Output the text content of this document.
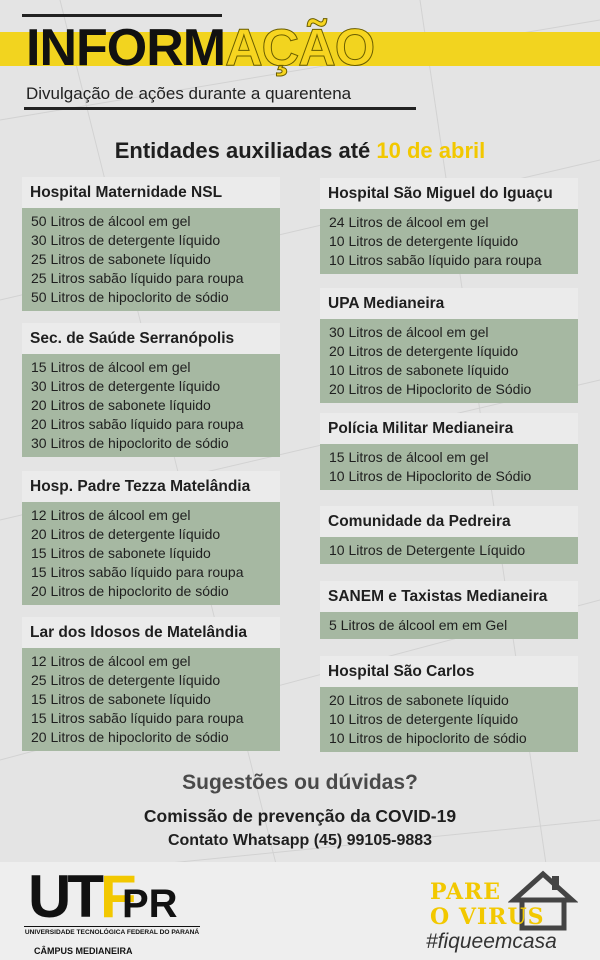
INFORMAÇÃO
Divulgação de ações durante a quarentena
Entidades auxiliadas até 10 de abril
Hospital Maternidade NSL
50 Litros de álcool em gel
30 Litros de detergente líquido
25 Litros de sabonete líquido
25 Litros sabão líquido para roupa
50 Litros de hipoclorito de sódio
Sec. de Saúde Serranópolis
15 Litros de álcool em gel
30 Litros de detergente líquido
20 Litros de sabonete líquido
20 Litros sabão líquido para roupa
30 Litros de hipoclorito de sódio
Hosp. Padre Tezza Matelândia
12 Litros de álcool em gel
20 Litros de detergente líquido
15 Litros de sabonete líquido
15 Litros sabão líquido para roupa
20 Litros de hipoclorito de sódio
Lar dos Idosos de Matelândia
12 Litros de álcool em gel
25 Litros de detergente líquido
15 Litros de sabonete líquido
15 Litros sabão líquido para roupa
20 Litros de hipoclorito de sódio
Hospital São Miguel do Iguaçu
24 Litros de álcool em gel
10 Litros de detergente líquido
10 Litros sabão líquido para roupa
UPA Medianeira
30 Litros de álcool em gel
20 Litros de detergente líquido
10 Litros de sabonete líquido
20 Litros de Hipoclorito de Sódio
Polícia Militar Medianeira
15 Litros de álcool em gel
10 Litros de Hipoclorito de Sódio
Comunidade da Pedreira
10 Litros de Detergente Líquido
SANEM e Taxistas Medianeira
5 Litros de álcool em em Gel
Hospital São Carlos
20 Litros de sabonete líquido
10 Litros de detergente líquido
10 Litros de hipoclorito de sódio
Sugestões ou dúvidas?
Comissão de prevenção da COVID-19
Contato Whatsapp (45) 99105-9883
UTF
PR
UNIVERSIDADE TECNOLÓGICA FEDERAL DO PARANÁ
CÂMPUS MEDIANEIRA
PARE
O VIRUS
#fiqueemcasa
